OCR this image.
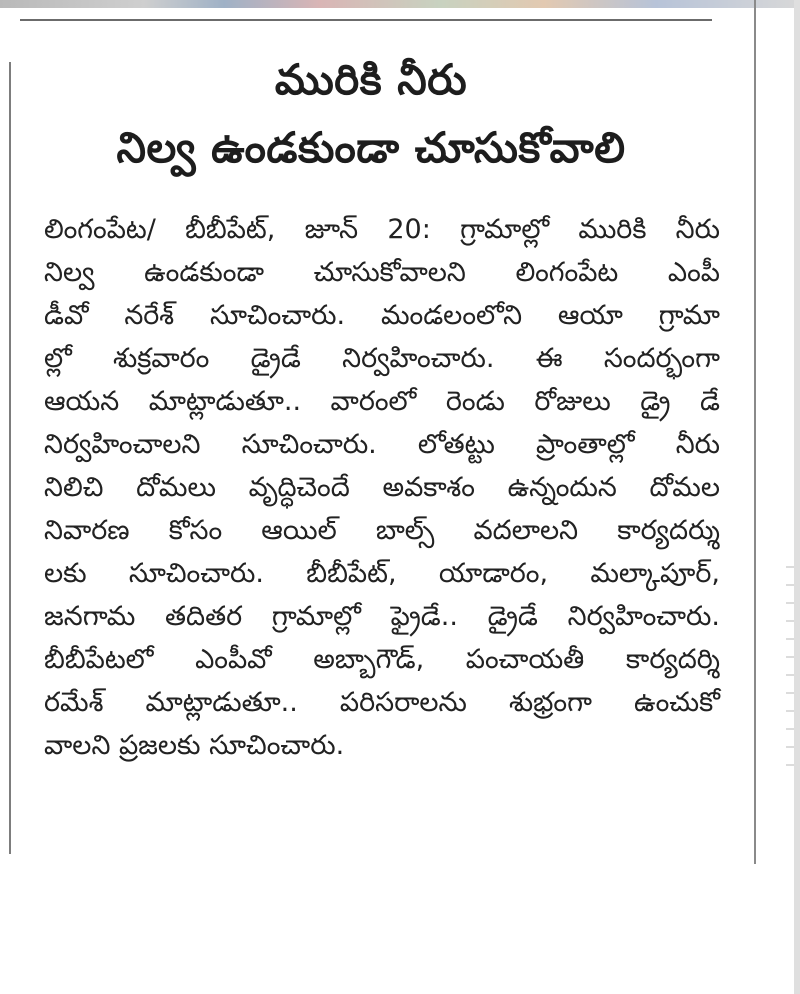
మురికి నీరు
నిల్వ ఉండకుండా చూసుకోవాలి
లింగంపేట/ బీబీపేట్, జూన్ 20: గ్రామాల్లో మురికి నీరు
నిల్వ ఉండకుండా చూసుకోవాలని లింగంపేట ఎంపీ
డీవో నరేశ్ సూచించారు. మండలంలోని ఆయా గ్రామా
ల్లో శుక్రవారం డ్రైడే నిర్వహించారు. ఈ సందర్భంగా
ఆయన మాట్లాడుతూ.. వారంలో రెండు రోజులు డ్రై డే
నిర్వహించాలని సూచించారు. లోతట్టు ప్రాంతాల్లో నీరు
నిలిచి దోమలు వృద్ధిచెందే అవకాశం ఉన్నందున దోమల
నివారణ కోసం ఆయిల్ బాల్స్ వదలాలని కార్యదర్శు
లకు సూచించారు. బీబీపేట్, యాడారం, మల్కాపూర్,
జనగామ తదితర గ్రామాల్లో ఫ్రైడే.. డ్రైడే నిర్వహించారు.
బీబీపేటలో ఎంపీవో అబ్బాగౌడ్, పంచాయతీ కార్యదర్శి
రమేశ్ మాట్లాడుతూ.. పరిసరాలను శుభ్రంగా ఉంచుకో
వాలని ప్రజలకు సూచించారు.
